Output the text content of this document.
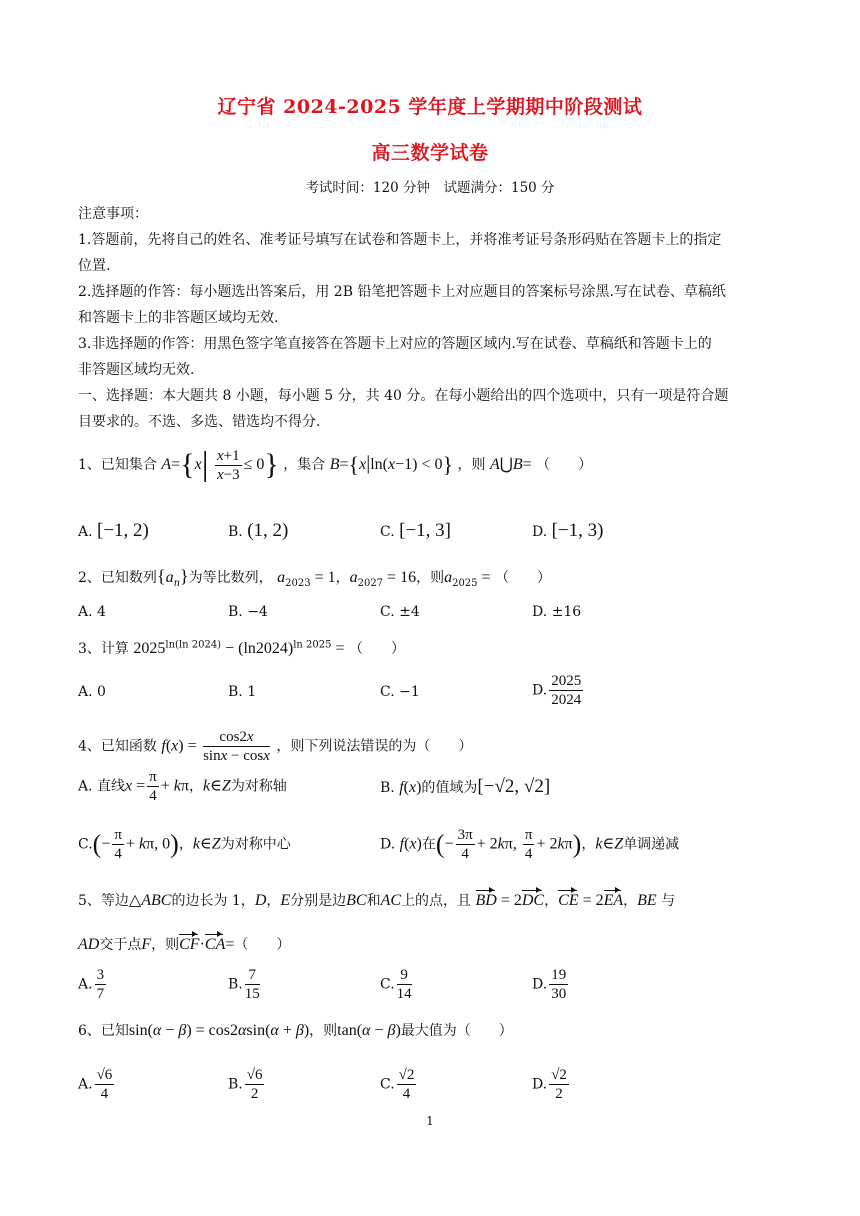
辽宁省 2024-2025 学年度上学期期中阶段测试
高三数学试卷
考试时间：120 分钟　试题满分：150 分
注意事项：
1.答题前，先将自己的姓名、准考证号填写在试卷和答题卡上，并将准考证号条形码贴在答题卡上的指定
位置.
2.选择题的作答：每小题选出答案后，用 2B 铅笔把答题卡上对应题目的答案标号涂黑.写在试卷、草稿纸
和答题卡上的非答题区域均无效.
3.非选择题的作答：用黑色签字笔直接答在答题卡上对应的答题区域内.写在试卷、草稿纸和答题卡上的
非答题区域均无效.
一、选择题：本大题共 8 小题，每小题 5 分，共 40 分。在每小题给出的四个选项中，只有一项是符合题
目要求的。不选、多选、错选均不得分.
1、已知集合 $A=\{x| \frac{x+1}{x-3} \le 0\}$ ，集合 B={x|ln(x−1) < 0} ，则 A⋃B= （　　）
A. [−1, 2)	B. (1, 2)	C. [−1, 3]	D. [−1, 3)
2、已知数列$\{a_n\}$为等比数列， $a_{2023} = 1$，$a_{2027} = 16$，则$a_{2025}$ = （　　）
A. 4	B. −4	C. ±4	D. ±16
3、计算 $2025^{ln(ln 2024)} - (\ln 2024)^{ln 2025}$ = （　　）
A. 0	B. 1	C. −1	D. $\frac{2025}{2024}$
4、已知函数 $f(x) = \frac{\cos 2x}{\sin x - \cos x}$ ，则下列说法错误的为（　　）
A. 直线$x = \frac{\pi}{4} + k\pi$，k∈Z为对称轴	B. f(x)的值域为[−√2, √2]
$C.(- \frac{\pi}{4} + k\pi$, 0)，k∈Z为对称中心	D. f(x)在(− $\frac{3\pi}{4} + 2k\pi$, $\frac{\pi}{4} + 2k\pi$)，k∈Z单调递减
5、等边△ABC的边长为 1，D，E分别是边BC和AC上的点，且 BD = 2DC，CE = 2EA，BE 与
AD交于点F，则CF·CA=（　　）
A. $\frac{3}{7}$	B. $\frac{7}{15}$	C. $\frac{9}{14}$	D. $\frac{19}{30}$
6、已知sin(α − β) = cos2αsin(α + β)，则tan(α − β)最大值为（　　）
A. $\frac{√6}{4}$	B. $\frac{√6}{2}$	C. $\frac{√2}{4}$	D. $\frac{√2}{2}$
1
